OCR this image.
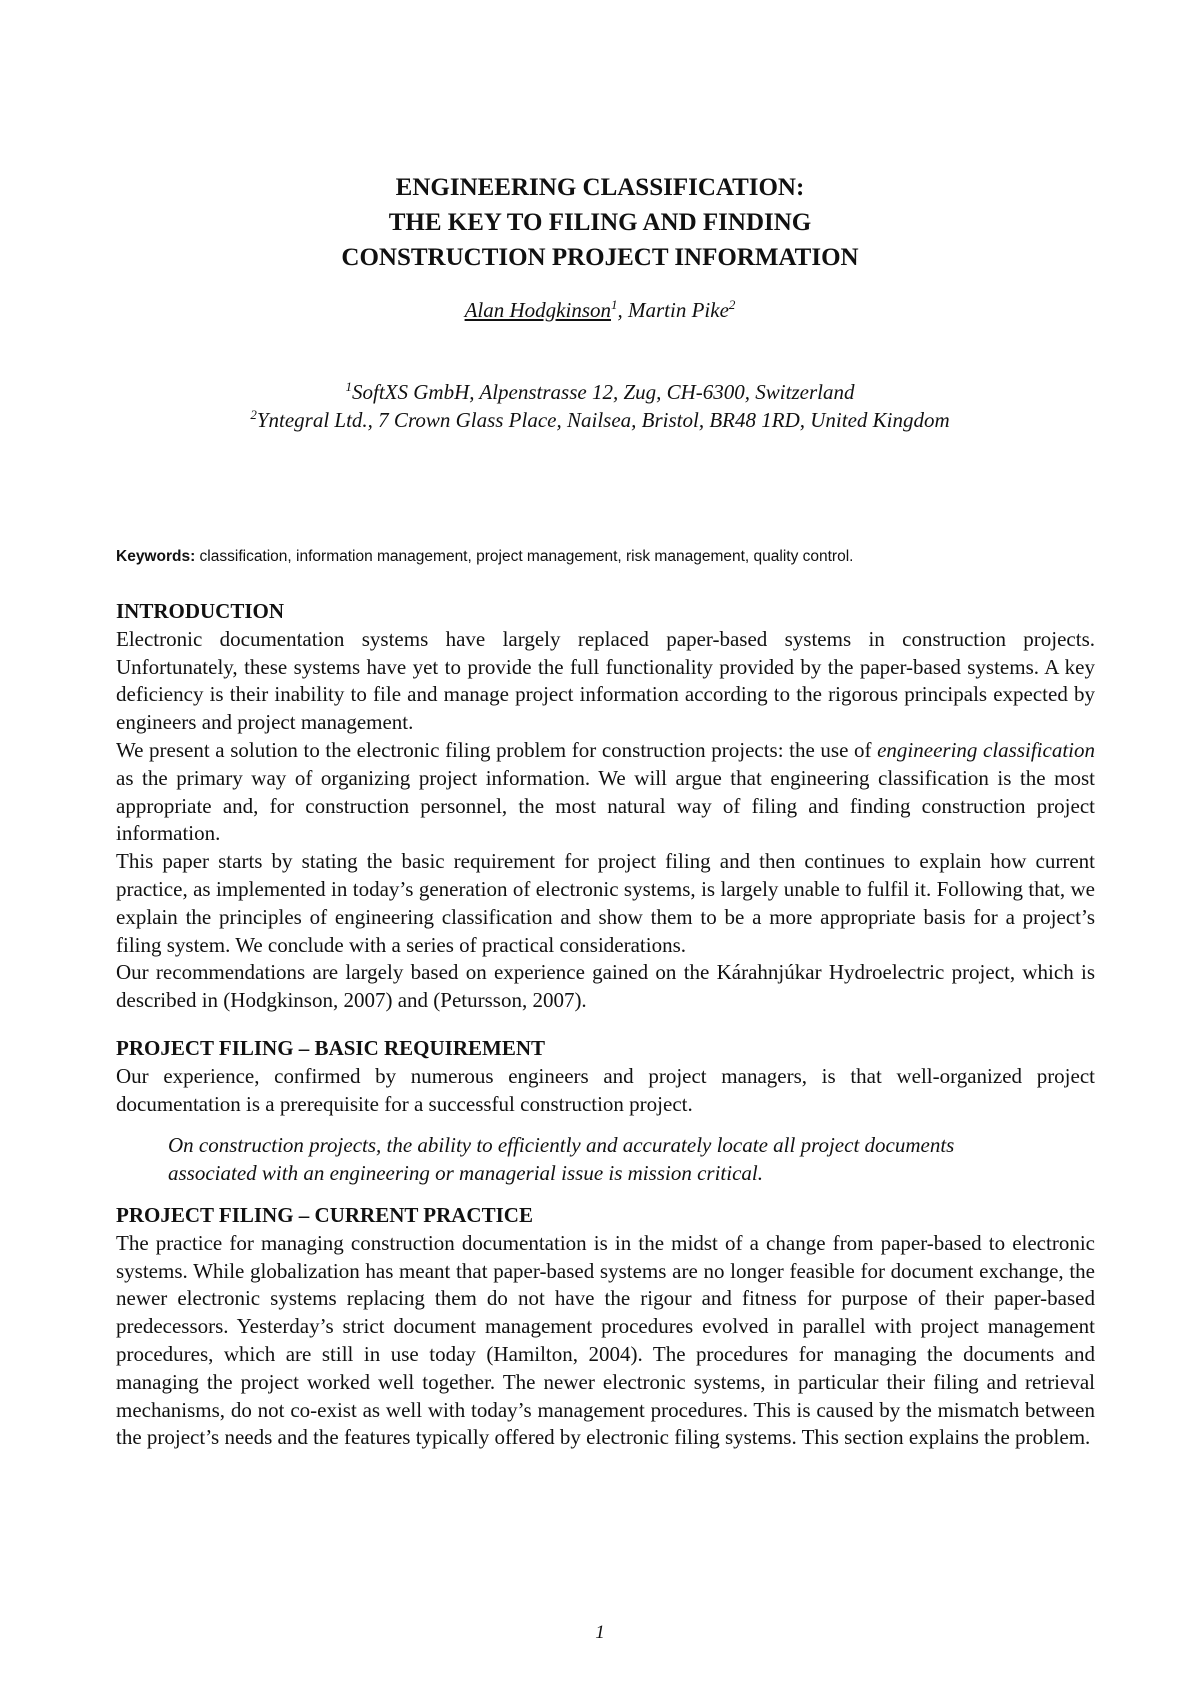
ENGINEERING CLASSIFICATION:
THE KEY TO FILING AND FINDING
CONSTRUCTION PROJECT INFORMATION
Alan Hodgkinson$^1$, Martin Pike$^2$
$^1$SoftXS GmbH, Alpenstrasse 12, Zug, CH-6300, Switzerland
$^2$Yntegral Ltd., 7 Crown Glass Place, Nailsea, Bristol, BR48 1RD, United Kingdom
Keywords: classification, information management, project management, risk management, quality control.
INTRODUCTION

Electronic documentation systems have largely replaced paper-based systems in construction projects. Unfortunately, these systems have yet to provide the full functionality provided by the paper-based systems. A key deficiency is their inability to file and manage project information according to the rigorous principals expected by engineers and project management.

We present a solution to the electronic filing problem for construction projects: the use of engineering classification as the primary way of organizing project information. We will argue that engineering classification is the most appropriate and, for construction personnel, the most natural way of filing and finding construction project information.

This paper starts by stating the basic requirement for project filing and then continues to explain how current practice, as implemented in today’s generation of electronic systems, is largely unable to fulfil it. Following that, we explain the principles of engineering classification and show them to be a more appropriate basis for a project’s filing system. We conclude with a series of practical considerations.

Our recommendations are largely based on experience gained on the Kárahnjúkar Hydroelectric project, which is described in (Hodgkinson, 2007) and (Petursson, 2007).

PROJECT FILING – BASIC REQUIREMENT

Our experience, confirmed by numerous engineers and project managers, is that well-organized project documentation is a prerequisite for a successful construction project.

On construction projects, the ability to efficiently and accurately locate all project documents associated with an engineering or managerial issue is mission critical.

PROJECT FILING – CURRENT PRACTICE

The practice for managing construction documentation is in the midst of a change from paper-based to electronic systems. While globalization has meant that paper-based systems are no longer feasible for document exchange, the newer electronic systems replacing them do not have the rigour and fitness for purpose of their paper-based predecessors. Yesterday’s strict document management procedures evolved in parallel with project management procedures, which are still in use today (Hamilton, 2004). The procedures for managing the documents and managing the project worked well together. The newer electronic systems, in particular their filing and retrieval mechanisms, do not co-exist as well with today’s management procedures. This is caused by the mismatch between the project’s needs and the features typically offered by electronic filing systems. This section explains the problem.

1
